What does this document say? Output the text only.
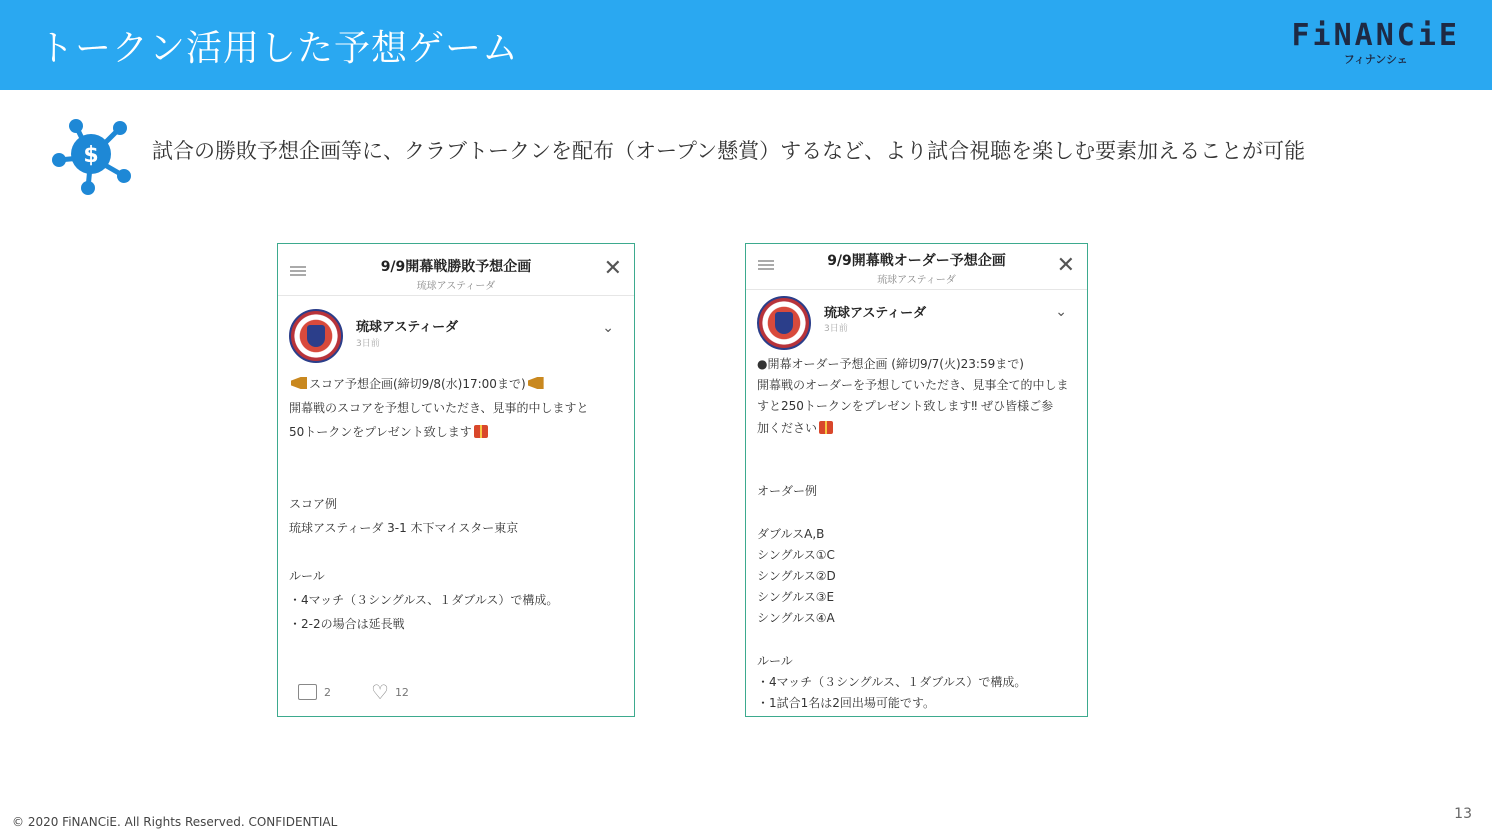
トークン活用した予想ゲーム	FiNANCiE
フィナンシェ
$	試合の勝敗予想企画等に、クラブトークンを配布（オープン懸賞）するなど、より試合視聴を楽しむ要素加えることが可能
9/9開幕戦勝敗予想企画
琉球アスティーダ
✕
琉球アスティーダ
3日前
⌄
スコア予想企画(締切9/8(水)17:00まで)
開幕戦のスコアを予想していただき、見事的中しますと
50トークンをプレゼント致します
スコア例
琉球アスティーダ 3-1 木下マイスター東京
ルール
・4マッチ（３シングルス、１ダブルス）で構成。
・2-2の場合は延長戦
2 ♡ 12
9/9開幕戦オーダー予想企画
琉球アスティーダ
✕
琉球アスティーダ
3日前
⌄
●開幕オーダー予想企画 (締切9/7(火)23:59まで)
開幕戦のオーダーを予想していただき、見事全て的中しま
すと250トークンをプレゼント致します‼ ぜひ皆様ご参
加ください
オーダー例
ダブルスA,B
シングルス①C
シングルス②D
シングルス③E
シングルス④A
ルール
・4マッチ（３シングルス、１ダブルス）で構成。
・1試合1名は2回出場可能です。
© 2020 FiNANCiE. All Rights Reserved. CONFIDENTIAL	13
